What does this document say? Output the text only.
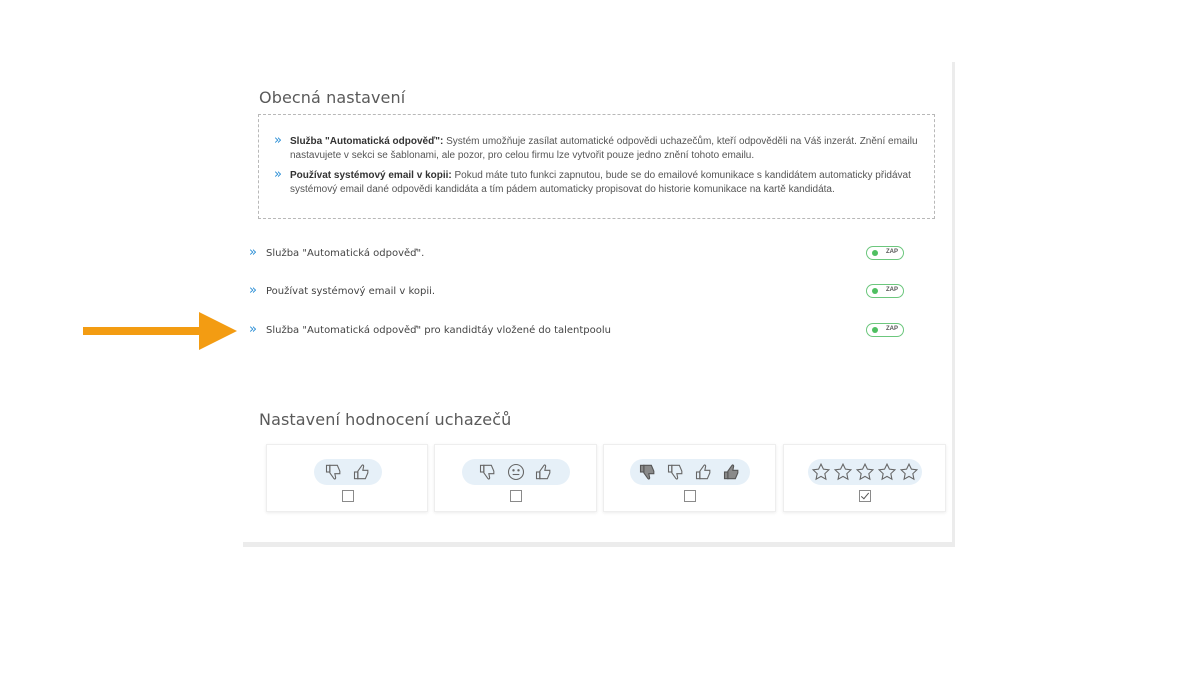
Obecná nastavení
» Služba "Automatická odpověď": Systém umožňuje zasílat automatické odpovědi uchazečům, kteří odpověděli na Váš inzerát. Znění emailu nastavujete v sekci se šablonami, ale pozor, pro celou firmu lze vytvořit pouze jedno znění tohoto emailu.
» Používat systémový email v kopii: Pokud máte tuto funkci zapnutou, bude se do emailové komunikace s kandidátem automaticky přidávat systémový email dané odpovědi kandidáta a tím pádem automaticky propisovat do historie komunikace na kartě kandidáta.
» Služba "Automatická odpověď".	ZAP
» Používat systémový email v kopii.	ZAP
» Služba "Automatická odpověď" pro kandidtáy vložené do talentpoolu	ZAP
Nastavení hodnocení uchazečů
